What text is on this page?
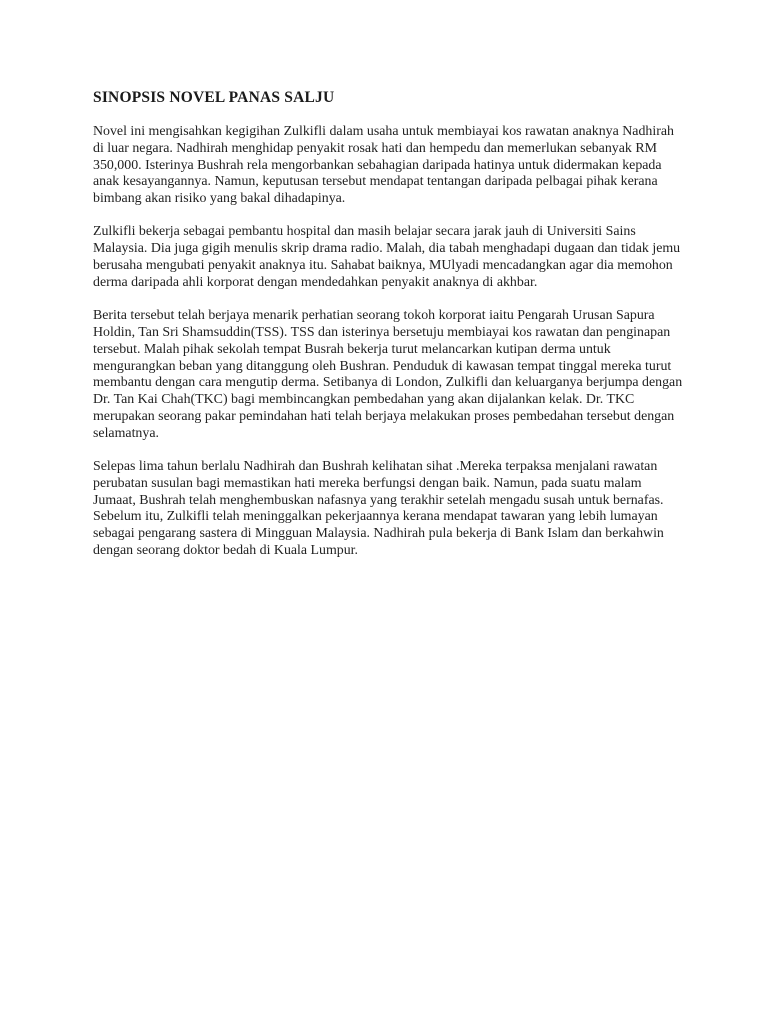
SINOPSIS NOVEL PANAS SALJU

Novel ini mengisahkan kegigihan Zulkifli dalam usaha untuk membiayai kos rawatan anaknya Nadhirah di luar negara. Nadhirah menghidap penyakit rosak hati dan hempedu dan memerlukan sebanyak RM 350,000. Isterinya Bushrah rela mengorbankan sebahagian daripada hatinya untuk didermakan kepada anak kesayangannya. Namun, keputusan tersebut mendapat tentangan daripada pelbagai pihak kerana bimbang akan risiko yang bakal dihadapinya.

Zulkifli bekerja sebagai pembantu hospital dan masih belajar secara jarak jauh di Universiti Sains Malaysia. Dia juga gigih menulis skrip drama radio. Malah, dia tabah menghadapi dugaan dan tidak jemu berusaha mengubati penyakit anaknya itu. Sahabat baiknya, MUlyadi mencadangkan agar dia memohon derma daripada ahli korporat dengan mendedahkan penyakit anaknya di akhbar.

Berita tersebut telah berjaya menarik perhatian seorang tokoh korporat iaitu Pengarah Urusan Sapura Holdin, Tan Sri Shamsuddin(TSS). TSS dan isterinya bersetuju membiayai kos rawatan dan penginapan tersebut. Malah pihak sekolah tempat Busrah bekerja turut melancarkan kutipan derma untuk mengurangkan beban yang ditanggung oleh Bushran. Penduduk di kawasan tempat tinggal mereka turut membantu dengan cara mengutip derma. Setibanya di London, Zulkifli dan keluarganya berjumpa dengan Dr. Tan Kai Chah(TKC) bagi membincangkan pembedahan yang akan dijalankan kelak. Dr. TKC merupakan seorang pakar pemindahan hati telah berjaya melakukan proses pembedahan tersebut dengan selamatnya.

Selepas lima tahun berlalu Nadhirah dan Bushrah kelihatan sihat .Mereka terpaksa menjalani rawatan perubatan susulan bagi memastikan hati mereka berfungsi dengan baik. Namun, pada suatu malam Jumaat, Bushrah telah menghembuskan nafasnya yang terakhir setelah mengadu susah untuk bernafas. Sebelum itu, Zulkifli telah meninggalkan pekerjaannya kerana mendapat tawaran yang lebih lumayan sebagai pengarang sastera di Mingguan Malaysia. Nadhirah pula bekerja di Bank Islam dan berkahwin dengan seorang doktor bedah di Kuala Lumpur.
